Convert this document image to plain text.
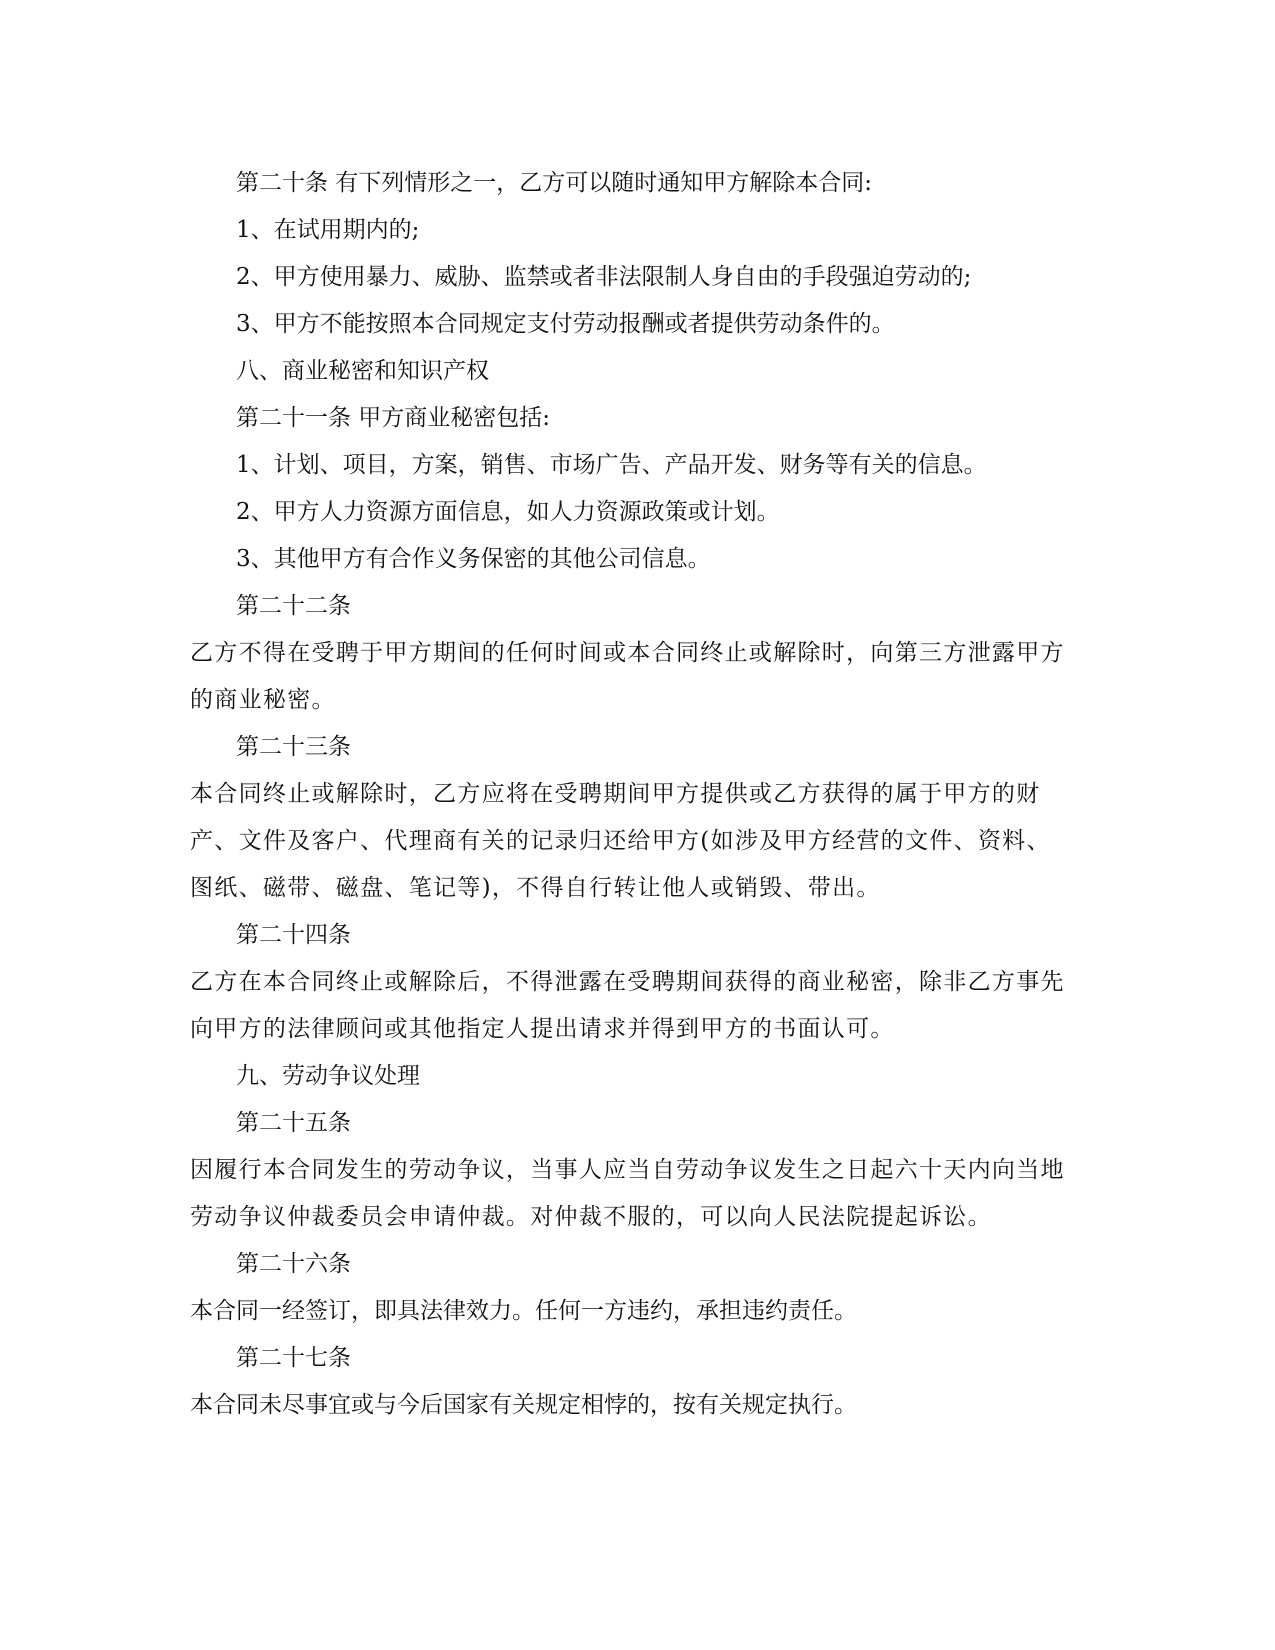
第二十条 有下列情形之一，乙方可以随时通知甲方解除本合同:

1、在试用期内的;

2、甲方使用暴力、威胁、监禁或者非法限制人身自由的手段强迫劳动的;

3、甲方不能按照本合同规定支付劳动报酬或者提供劳动条件的。

八、商业秘密和知识产权

第二十一条 甲方商业秘密包括:

1、计划、项目，方案，销售、市场广告、产品开发、财务等有关的信息。

2、甲方人力资源方面信息，如人力资源政策或计划。

3、其他甲方有合作义务保密的其他公司信息。

第二十二条

乙方不得在受聘于甲方期间的任何时间或本合同终止或解除时，向第三方泄露甲方的商业秘密。

第二十三条

本合同终止或解除时，乙方应将在受聘期间甲方提供或乙方获得的属于甲方的财产、文件及客户、代理商有关的记录归还给甲方(如涉及甲方经营的文件、资料、图纸、磁带、磁盘、笔记等)，不得自行转让他人或销毁、带出。

第二十四条

乙方在本合同终止或解除后，不得泄露在受聘期间获得的商业秘密，除非乙方事先向甲方的法律顾问或其他指定人提出请求并得到甲方的书面认可。

九、劳动争议处理

第二十五条

因履行本合同发生的劳动争议，当事人应当自劳动争议发生之日起六十天内向当地劳动争议仲裁委员会申请仲裁。对仲裁不服的，可以向人民法院提起诉讼。

第二十六条

本合同一经签订，即具法律效力。任何一方违约，承担违约责任。

第二十七条

本合同未尽事宜或与今后国家有关规定相悖的，按有关规定执行。
